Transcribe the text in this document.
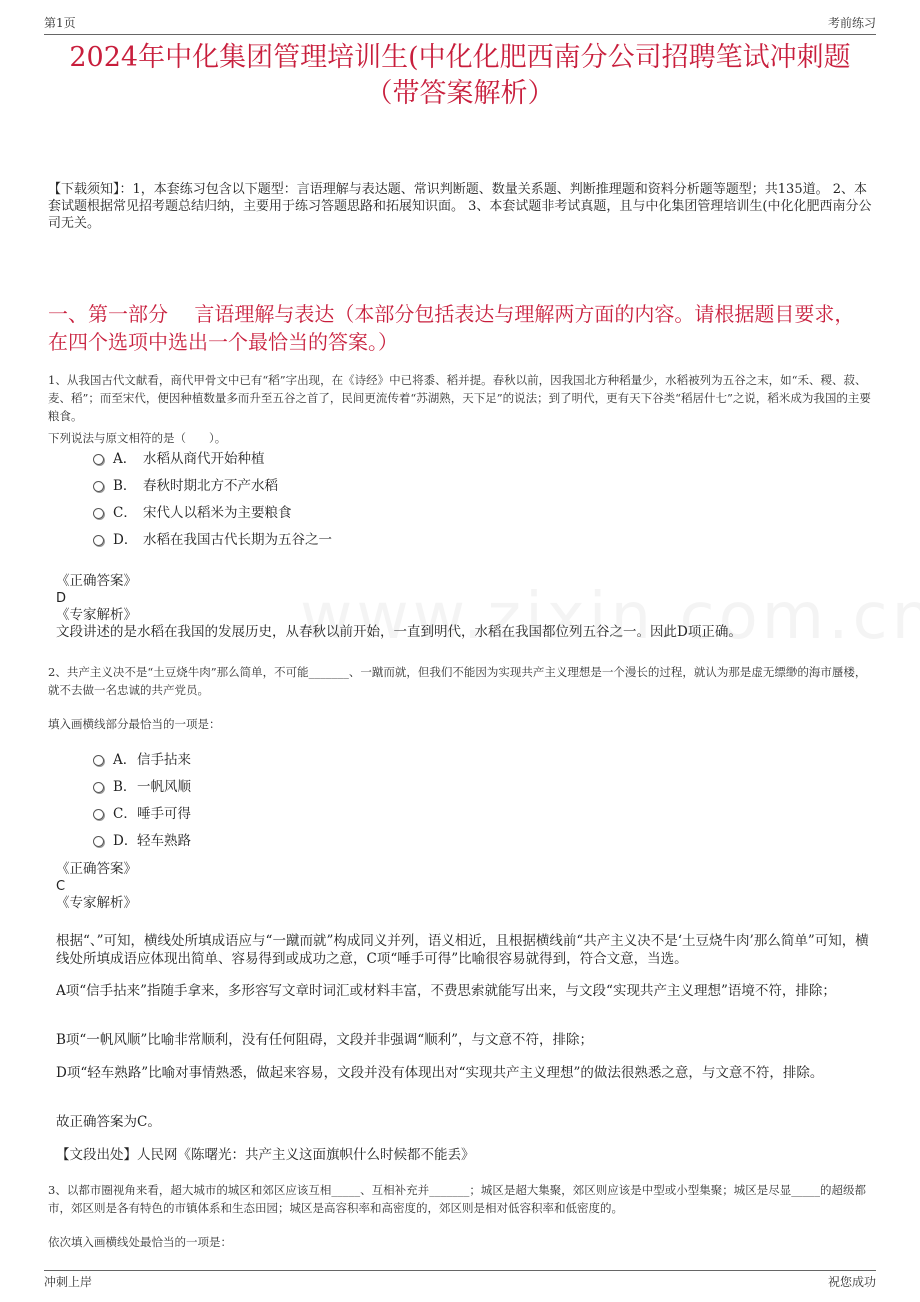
第1页	考前练习
2024年中化集团管理培训生(中化化肥西南分公司招聘笔试冲刺题（带答案解析）
【下载须知】：1，本套练习包含以下题型：言语理解与表达题、常识判断题、数量关系题、判断推理题和资料分析题等题型；共135道。 2、本套试题根据常见招考题总结归纳，主要用于练习答题思路和拓展知识面。 3、本套试题非考试真题，且与中化集团管理培训生(中化化肥西南分公司无关。
一、第一部分　 言语理解与表达（本部分包括表达与理解两方面的内容。请根据题目要求，在四个选项中选出一个最恰当的答案。）
1、从我国古代文献看，商代甲骨文中已有“稻”字出现，在《诗经》中已将黍、稻并提。春秋以前，因我国北方种稻量少，水稻被列为五谷之末，如“禾、稷、菽、麦、稻”；而至宋代，便因种植数量多而升至五谷之首了，民间更流传着“苏湖熟，天下足”的说法；到了明代，更有天下谷类“稻居什七”之说，稻米成为我国的主要粮食。
下列说法与原文相符的是（　　）。
A． 水稻从商代开始种植
B． 春秋时期北方不产水稻
C． 宋代人以稻米为主要粮食
D． 水稻在我国古代长期为五谷之一
《正确答案》
D
《专家解析》
文段讲述的是水稻在我国的发展历史，从春秋以前开始，一直到明代，水稻在我国都位列五谷之一。因此D项正确。
2、共产主义决不是“土豆烧牛肉”那么简单，不可能_______、一蹴而就，但我们不能因为实现共产主义理想是一个漫长的过程，就认为那是虚无缥缈的海市蜃楼，就不去做一名忠诚的共产党员。
填入画横线部分最恰当的一项是：
A． 信手拈来
B． 一帆风顺
C． 唾手可得
D． 轻车熟路
《正确答案》
C
《专家解析》
根据“、”可知，横线处所填成语应与“一蹴而就”构成同义并列，语义相近，且根据横线前“共产主义决不是‘土豆烧牛肉’那么简单”可知，横线处所填成语应体现出简单、容易得到或成功之意，C项“唾手可得”比喻很容易就得到，符合文意，当选。
A项“信手拈来”指随手拿来，多形容写文章时词汇或材料丰富，不费思索就能写出来，与文段“实现共产主义理想”语境不符，排除；
B项“一帆风顺”比喻非常顺利，没有任何阻碍，文段并非强调“顺利”，与文意不符，排除；
D项“轻车熟路”比喻对事情熟悉，做起来容易，文段并没有体现出对“实现共产主义理想”的做法很熟悉之意，与文意不符，排除。
故正确答案为C。
【文段出处】人民网《陈曙光：共产主义这面旗帜什么时候都不能丢》
3、以都市圈视角来看，超大城市的城区和郊区应该互相_____、互相补充并_______；城区是超大集聚，郊区则应该是中型或小型集聚；城区是尽显_____的超级都市，郊区则是各有特色的市镇体系和生态田园；城区是高容积率和高密度的，郊区则是相对低容积率和低密度的。
依次填入画横线处最恰当的一项是：
冲刺上岸	祝您成功
